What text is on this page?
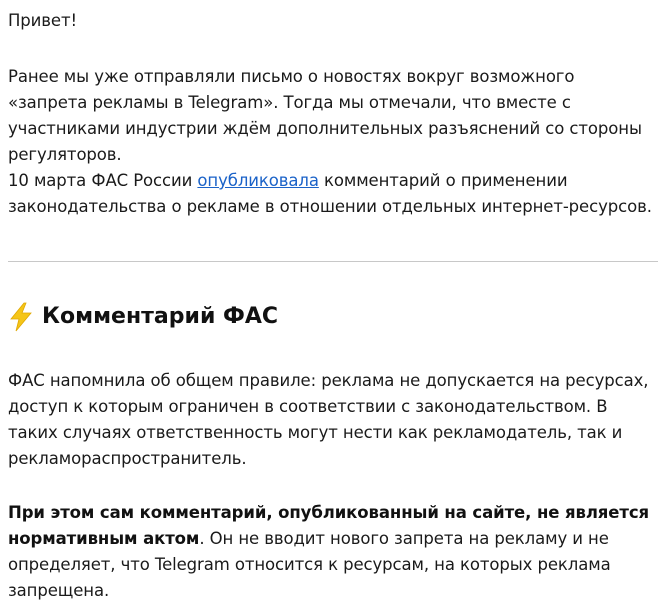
Привет!

Ранее мы уже отправляли письмо о новостях вокруг возможного «запрета рекламы в Telegram». Тогда мы отмечали, что вместе с участниками индустрии ждём дополнительных разъяснений со стороны регуляторов.

10 марта ФАС России опубликовала комментарий о применении законодательства о рекламе в отношении отдельных интернет-ресурсов.

Комментарий ФАС

ФАС напомнила об общем правиле: реклама не допускается на ресурсах, доступ к которым ограничен в соответствии с законодательством. В таких случаях ответственность могут нести как рекламодатель, так и рекламораспространитель.

При этом сам комментарий, опубликованный на сайте, не является нормативным актом. Он не вводит нового запрета на рекламу и не определяет, что Telegram относится к ресурсам, на которых реклама запрещена.
